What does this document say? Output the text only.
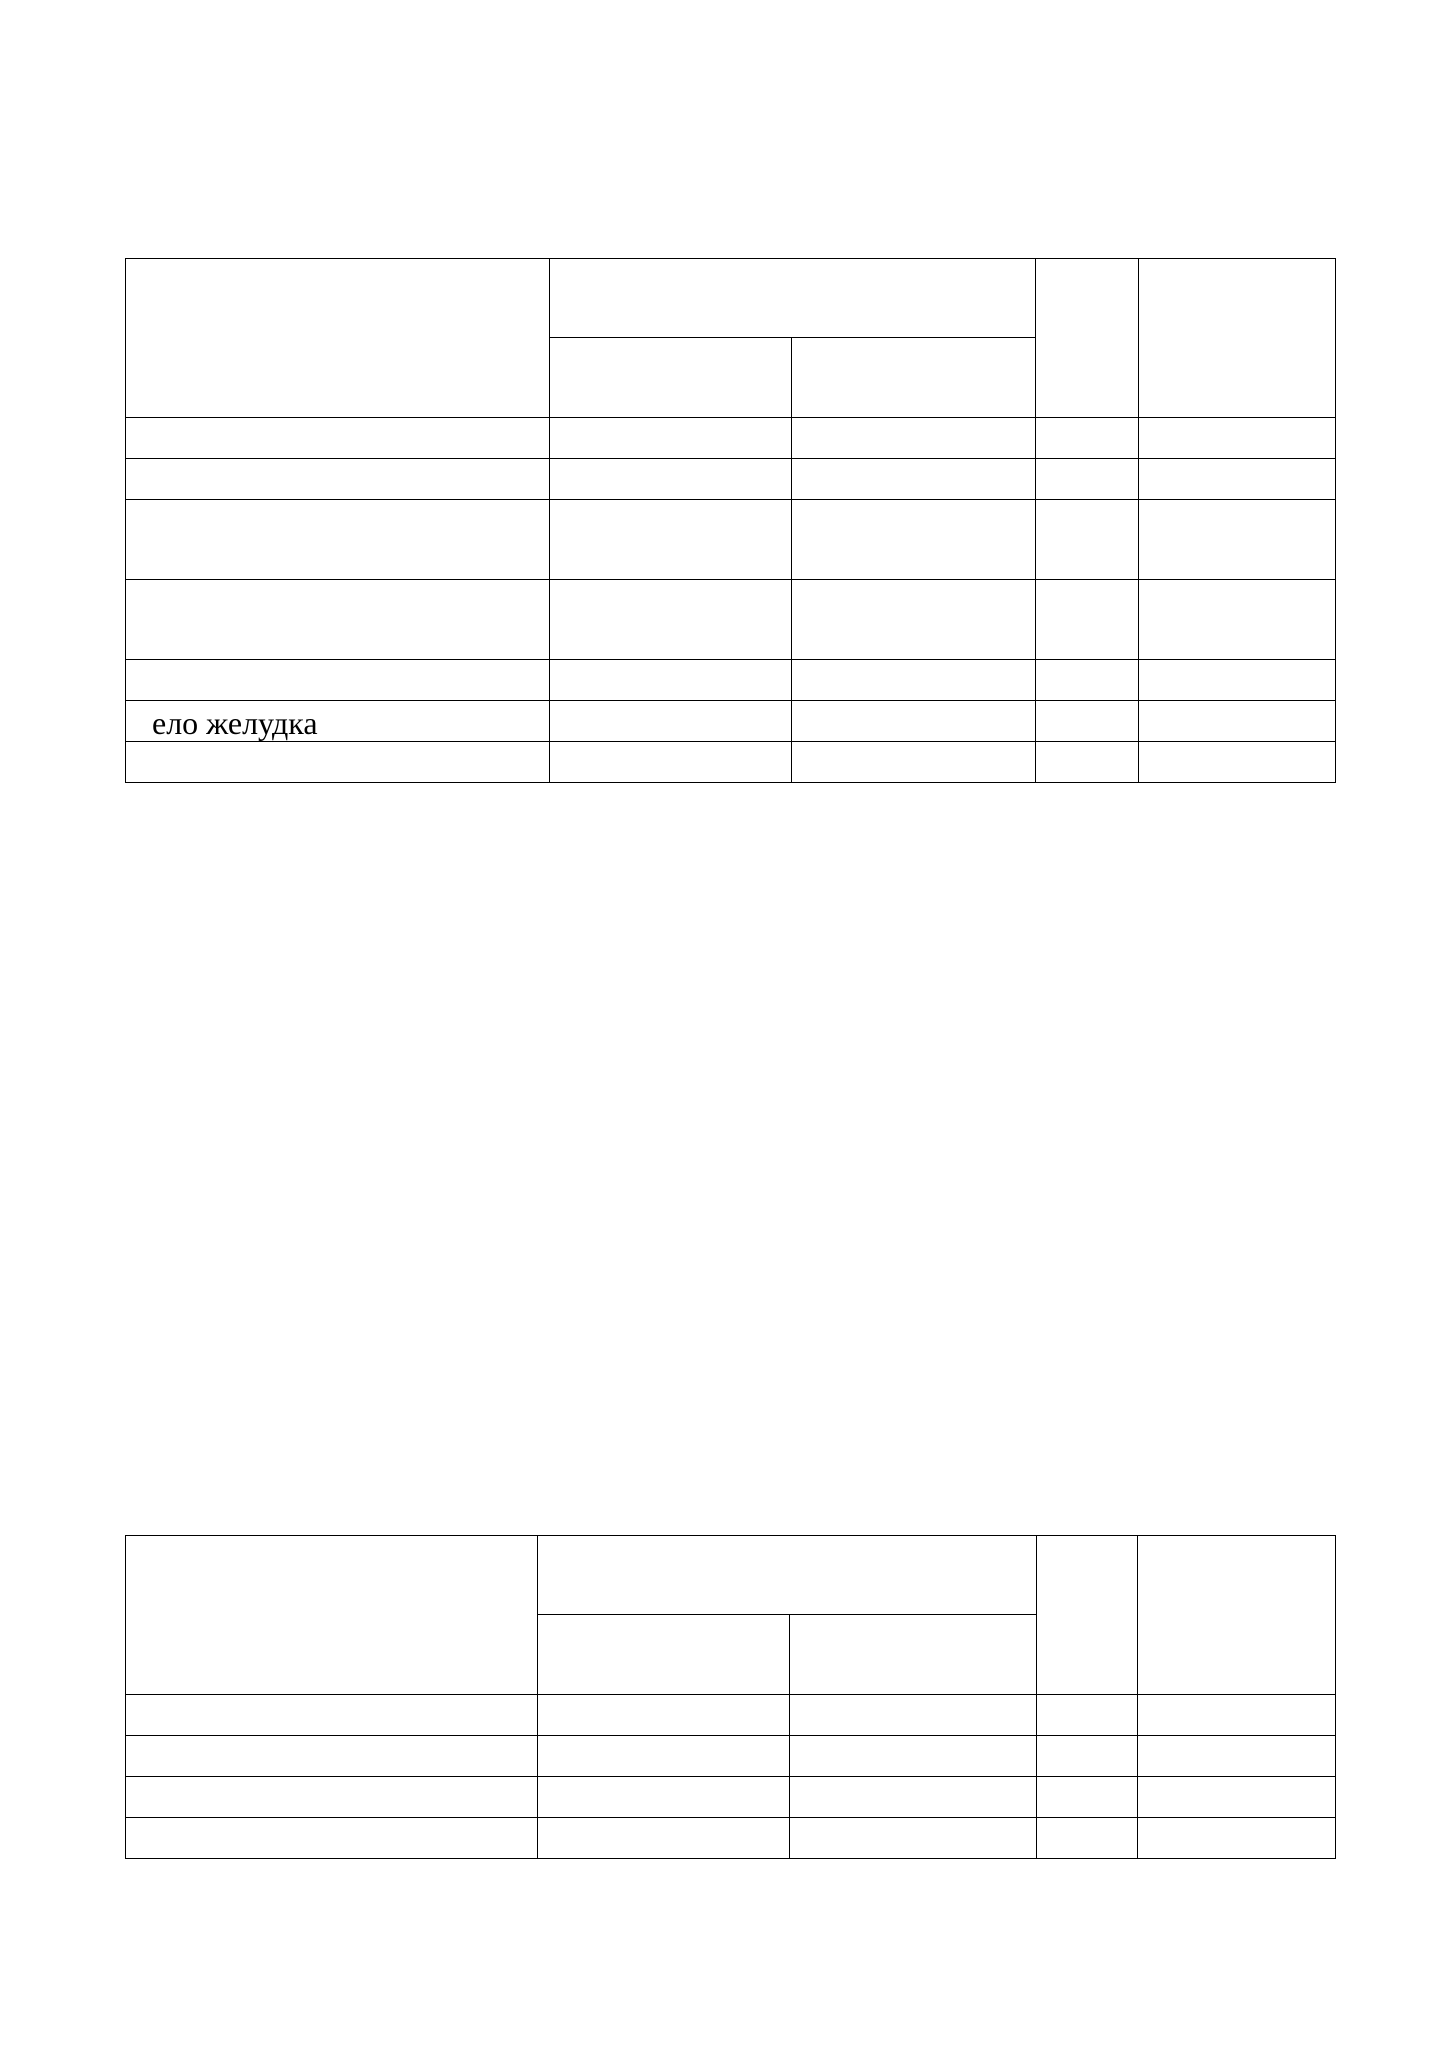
ело желудка				
